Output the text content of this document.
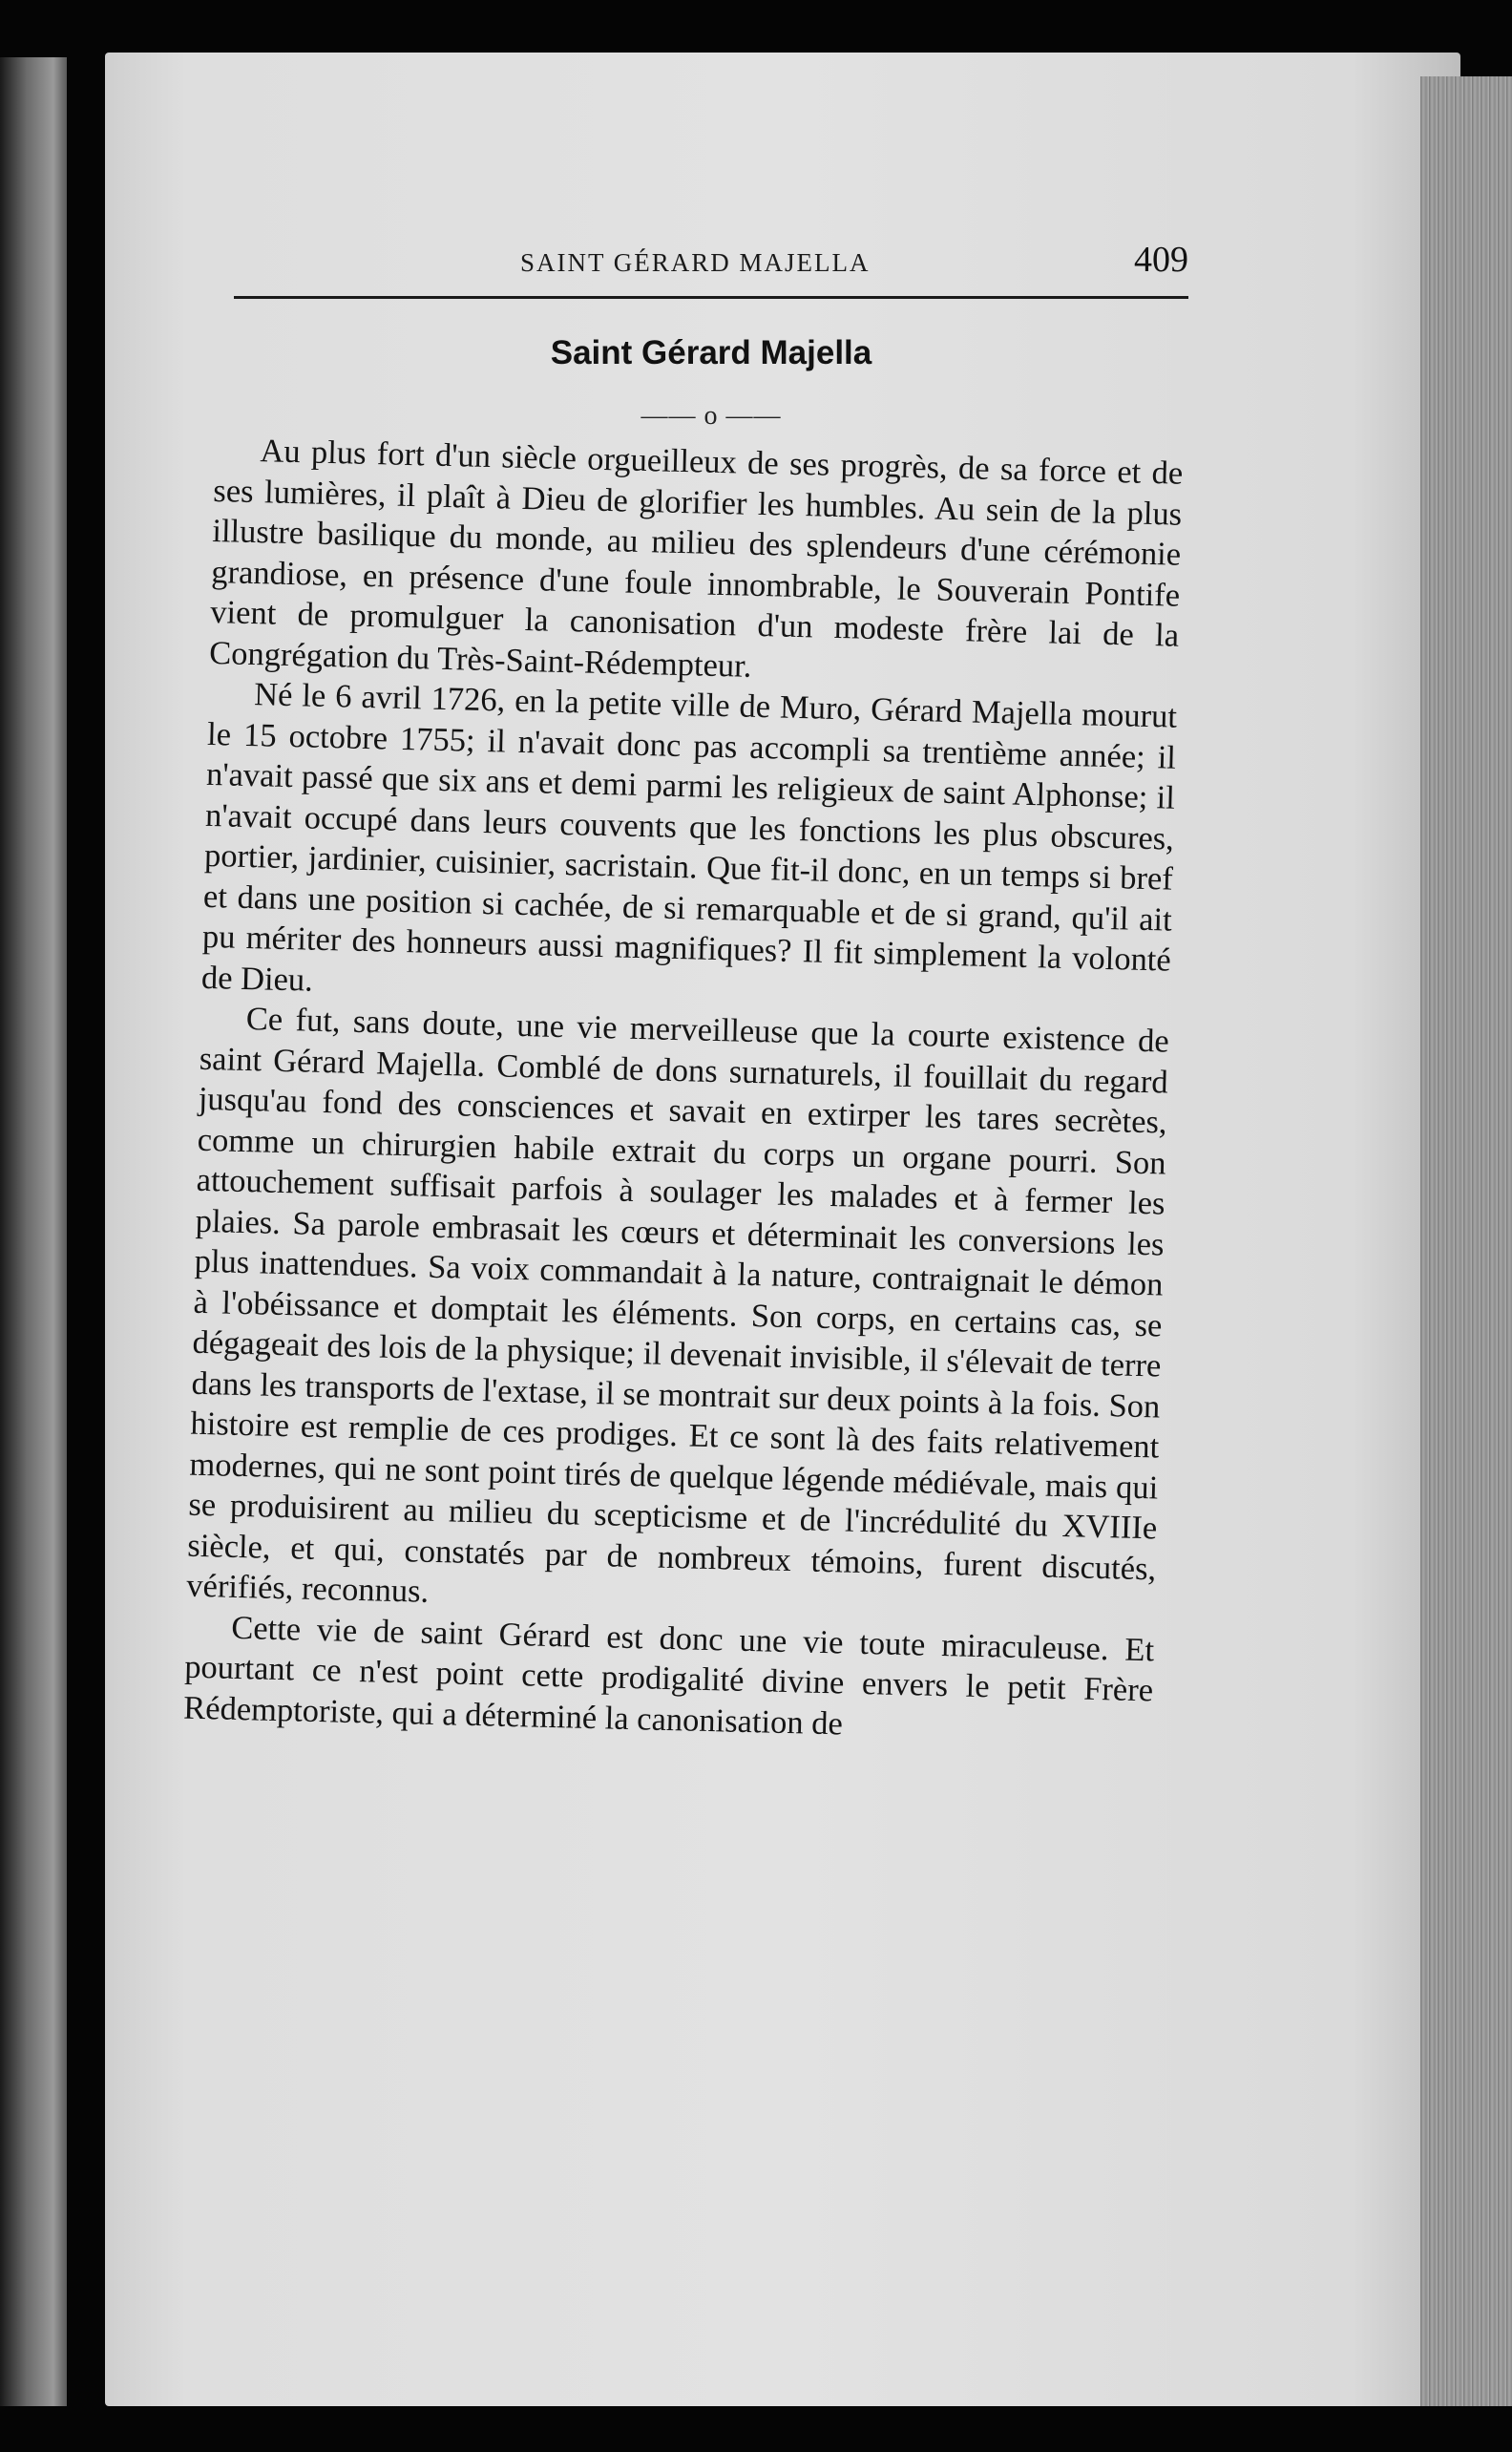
SAINT GÉRARD MAJELLA	409
Saint Gérard Majella
—— o ——

Au plus fort d'un siècle orgueilleux de ses progrès, de sa force et de ses lumières, il plaît à Dieu de glorifier les humbles. Au sein de la plus illustre basilique du monde, au milieu des splendeurs d'une cérémonie grandiose, en présence d'une foule innombrable, le Souverain Pontife vient de promulguer la canonisation d'un modeste frère lai de la Congrégation du Très-Saint-Rédempteur.

Né le 6 avril 1726, en la petite ville de Muro, Gérard Majella mourut le 15 octobre 1755; il n'avait donc pas accompli sa trentième année; il n'avait passé que six ans et demi parmi les religieux de saint Alphonse; il n'avait occupé dans leurs couvents que les fonctions les plus obscures, portier, jardinier, cuisinier, sacristain. Que fit-il donc, en un temps si bref et dans une position si cachée, de si remarquable et de si grand, qu'il ait pu mériter des honneurs aussi magnifiques? Il fit simplement la volonté de Dieu.

Ce fut, sans doute, une vie merveilleuse que la courte existence de saint Gérard Majella. Comblé de dons surnaturels, il fouillait du regard jusqu'au fond des consciences et savait en extirper les tares secrètes, comme un chirurgien habile extrait du corps un organe pourri. Son attouchement suffisait parfois à soulager les malades et à fermer les plaies. Sa parole embrasait les cœurs et déterminait les conversions les plus inattendues. Sa voix commandait à la nature, contraignait le démon à l'obéissance et domptait les éléments. Son corps, en certains cas, se dégageait des lois de la physique; il devenait invisible, il s'élevait de terre dans les transports de l'extase, il se montrait sur deux points à la fois. Son histoire est remplie de ces prodiges. Et ce sont là des faits relativement modernes, qui ne sont point tirés de quelque légende médiévale, mais qui se produisirent au milieu du scepticisme et de l'incrédulité du XVIIIe siècle, et qui, constatés par de nombreux témoins, furent discutés, vérifiés, reconnus.

Cette vie de saint Gérard est donc une vie toute miraculeuse. Et pourtant ce n'est point cette prodigalité divine envers le petit Frère Rédemptoriste, qui a déterminé la canonisation de
